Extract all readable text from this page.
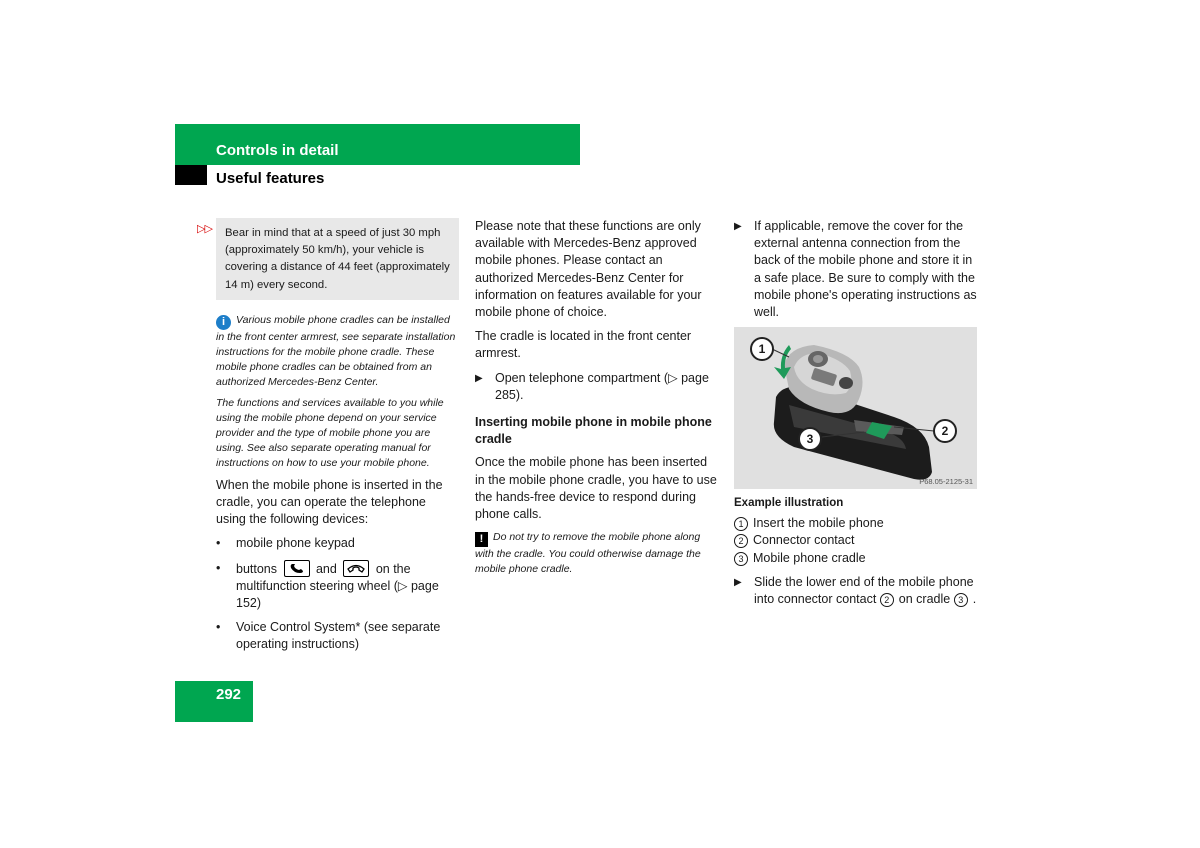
Controls in detail
Useful features
▷▷	Bear in mind that at a speed of just 30 mph (approximately 50 km/h), your vehicle is covering a distance of 44 feet (approximately 14 m) every second.

i Various mobile phone cradles can be installed in the front center armrest, see separate installation instructions for the mobile phone cradle. These mobile phone cradles can be obtained from an authorized Mercedes-Benz Center.

The functions and services available to you while using the mobile phone depend on your service provider and the type of mobile phone you are using. See also separate operating manual for instructions on how to use your mobile phone.

When the mobile phone is inserted in the cradle, you can operate the telephone using the following devices:

• mobile phone keypad
• buttons	and	on the multifunction steering wheel (▷ page 152)
• Voice Control System* (see separate operating instructions)

Please note that these functions are only available with Mercedes-Benz approved mobile phones. Please contact an authorized Mercedes-Benz Center for information on features available for your mobile phone of choice.

The cradle is located in the front center armrest.

▶ Open telephone compartment (▷ page 285).
Inserting mobile phone in mobile phone cradle

Once the mobile phone has been inserted in the mobile phone cradle, you have to use the hands-free device to respond during phone calls.

! Do not try to remove the mobile phone along with the cradle. You could otherwise damage the mobile phone cradle.

▶ If applicable, remove the cover for the external antenna connection from the back of the mobile phone and store it in a safe place. Be sure to comply with the mobile phone's operating instructions as well.
1
2
3
P68.05-2125-31
Example illustration
1 Insert the mobile phone
2 Connector contact
3 Mobile phone cradle
▶ Slide the lower end of the mobile phone into connector contact 2 on cradle 3 .
292
